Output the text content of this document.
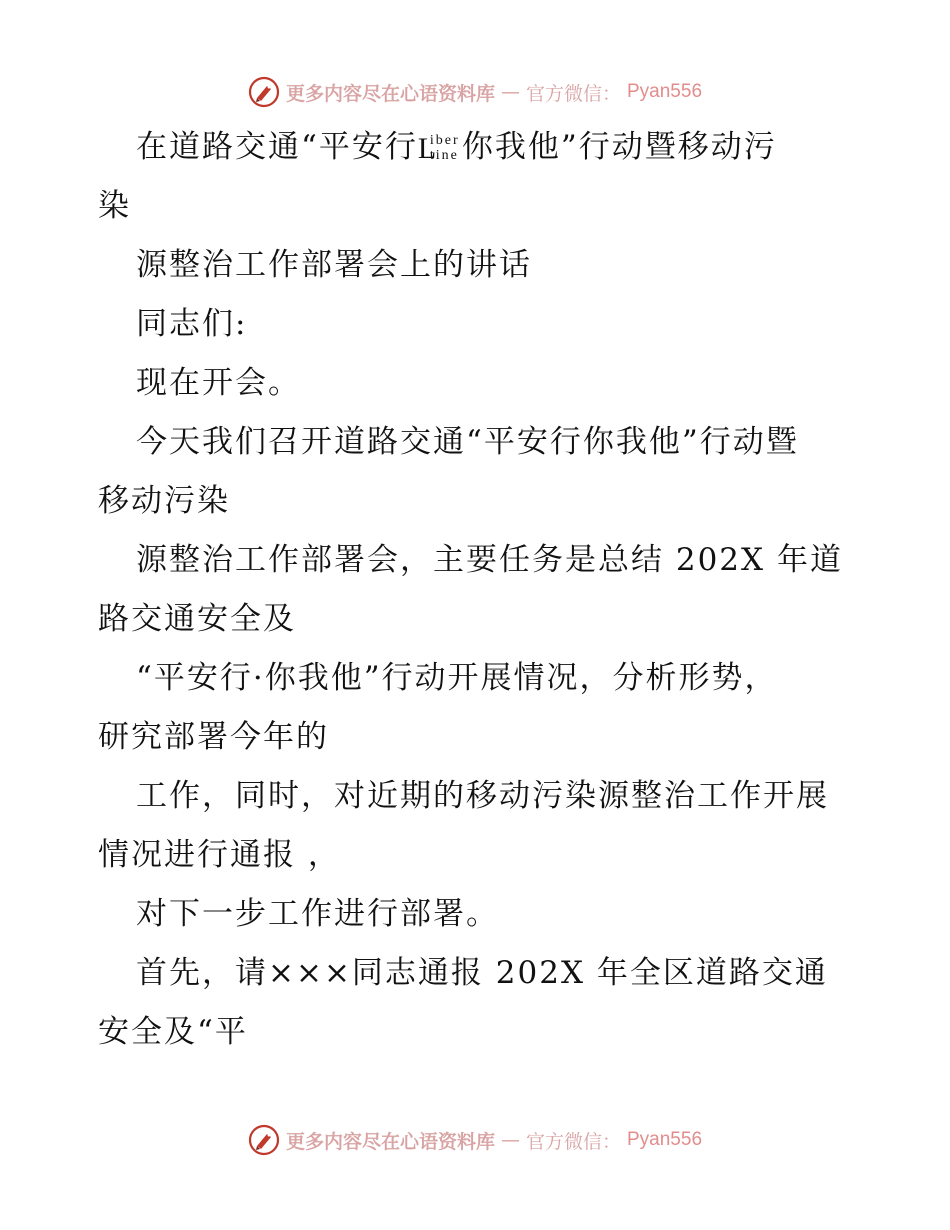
更多内容尽在心语资料库 — 官方微信： Pyan556
在道路交通“平安行 L
iber
tine 你我他”行动暨移动污
染
源整治工作部署会上的讲话
同志们:
现在开会。
今天我们召开道路交通“平安行你我他”行动暨
移动污染
源整治工作部署会，主要任务是总结 202X 年道
路交通安全及
“平安行·你我他”行动开展情况，分析形势，
研究部署今年的
工作，同时，对近期的移动污染源整治工作开展
情况进行通报 ，
对下一步工作进行部署。
首先，请×××同志通报 202X 年全区道路交通
安全及“平
更多内容尽在心语资料库 — 官方微信： Pyan556
